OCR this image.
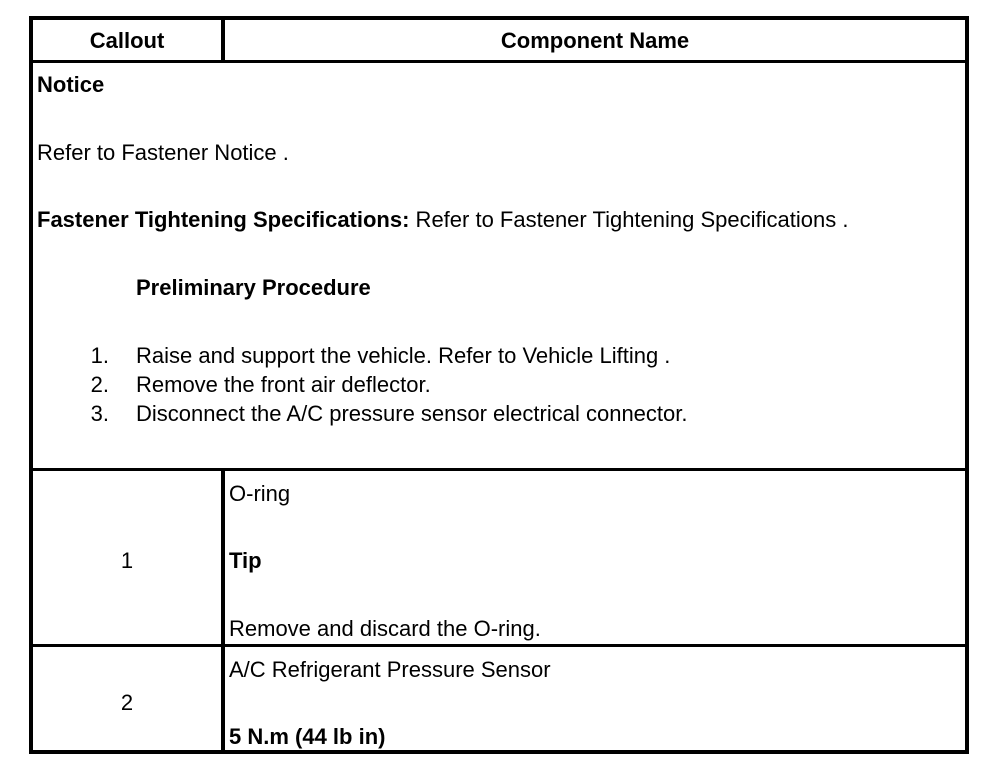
Callout	Component Name
Notice
Refer to Fastener Notice .
Fastener Tightening Specifications: Refer to Fastener Tightening Specifications .
Preliminary Procedure
1. Raise and support the vehicle. Refer to Vehicle Lifting .
2. Remove the front air deflector.
3. Disconnect the A/C pressure sensor electrical connector.
1
O-ring
Tip
Remove and discard the O-ring.
2
A/C Refrigerant Pressure Sensor
5 N.m (44 lb in)
